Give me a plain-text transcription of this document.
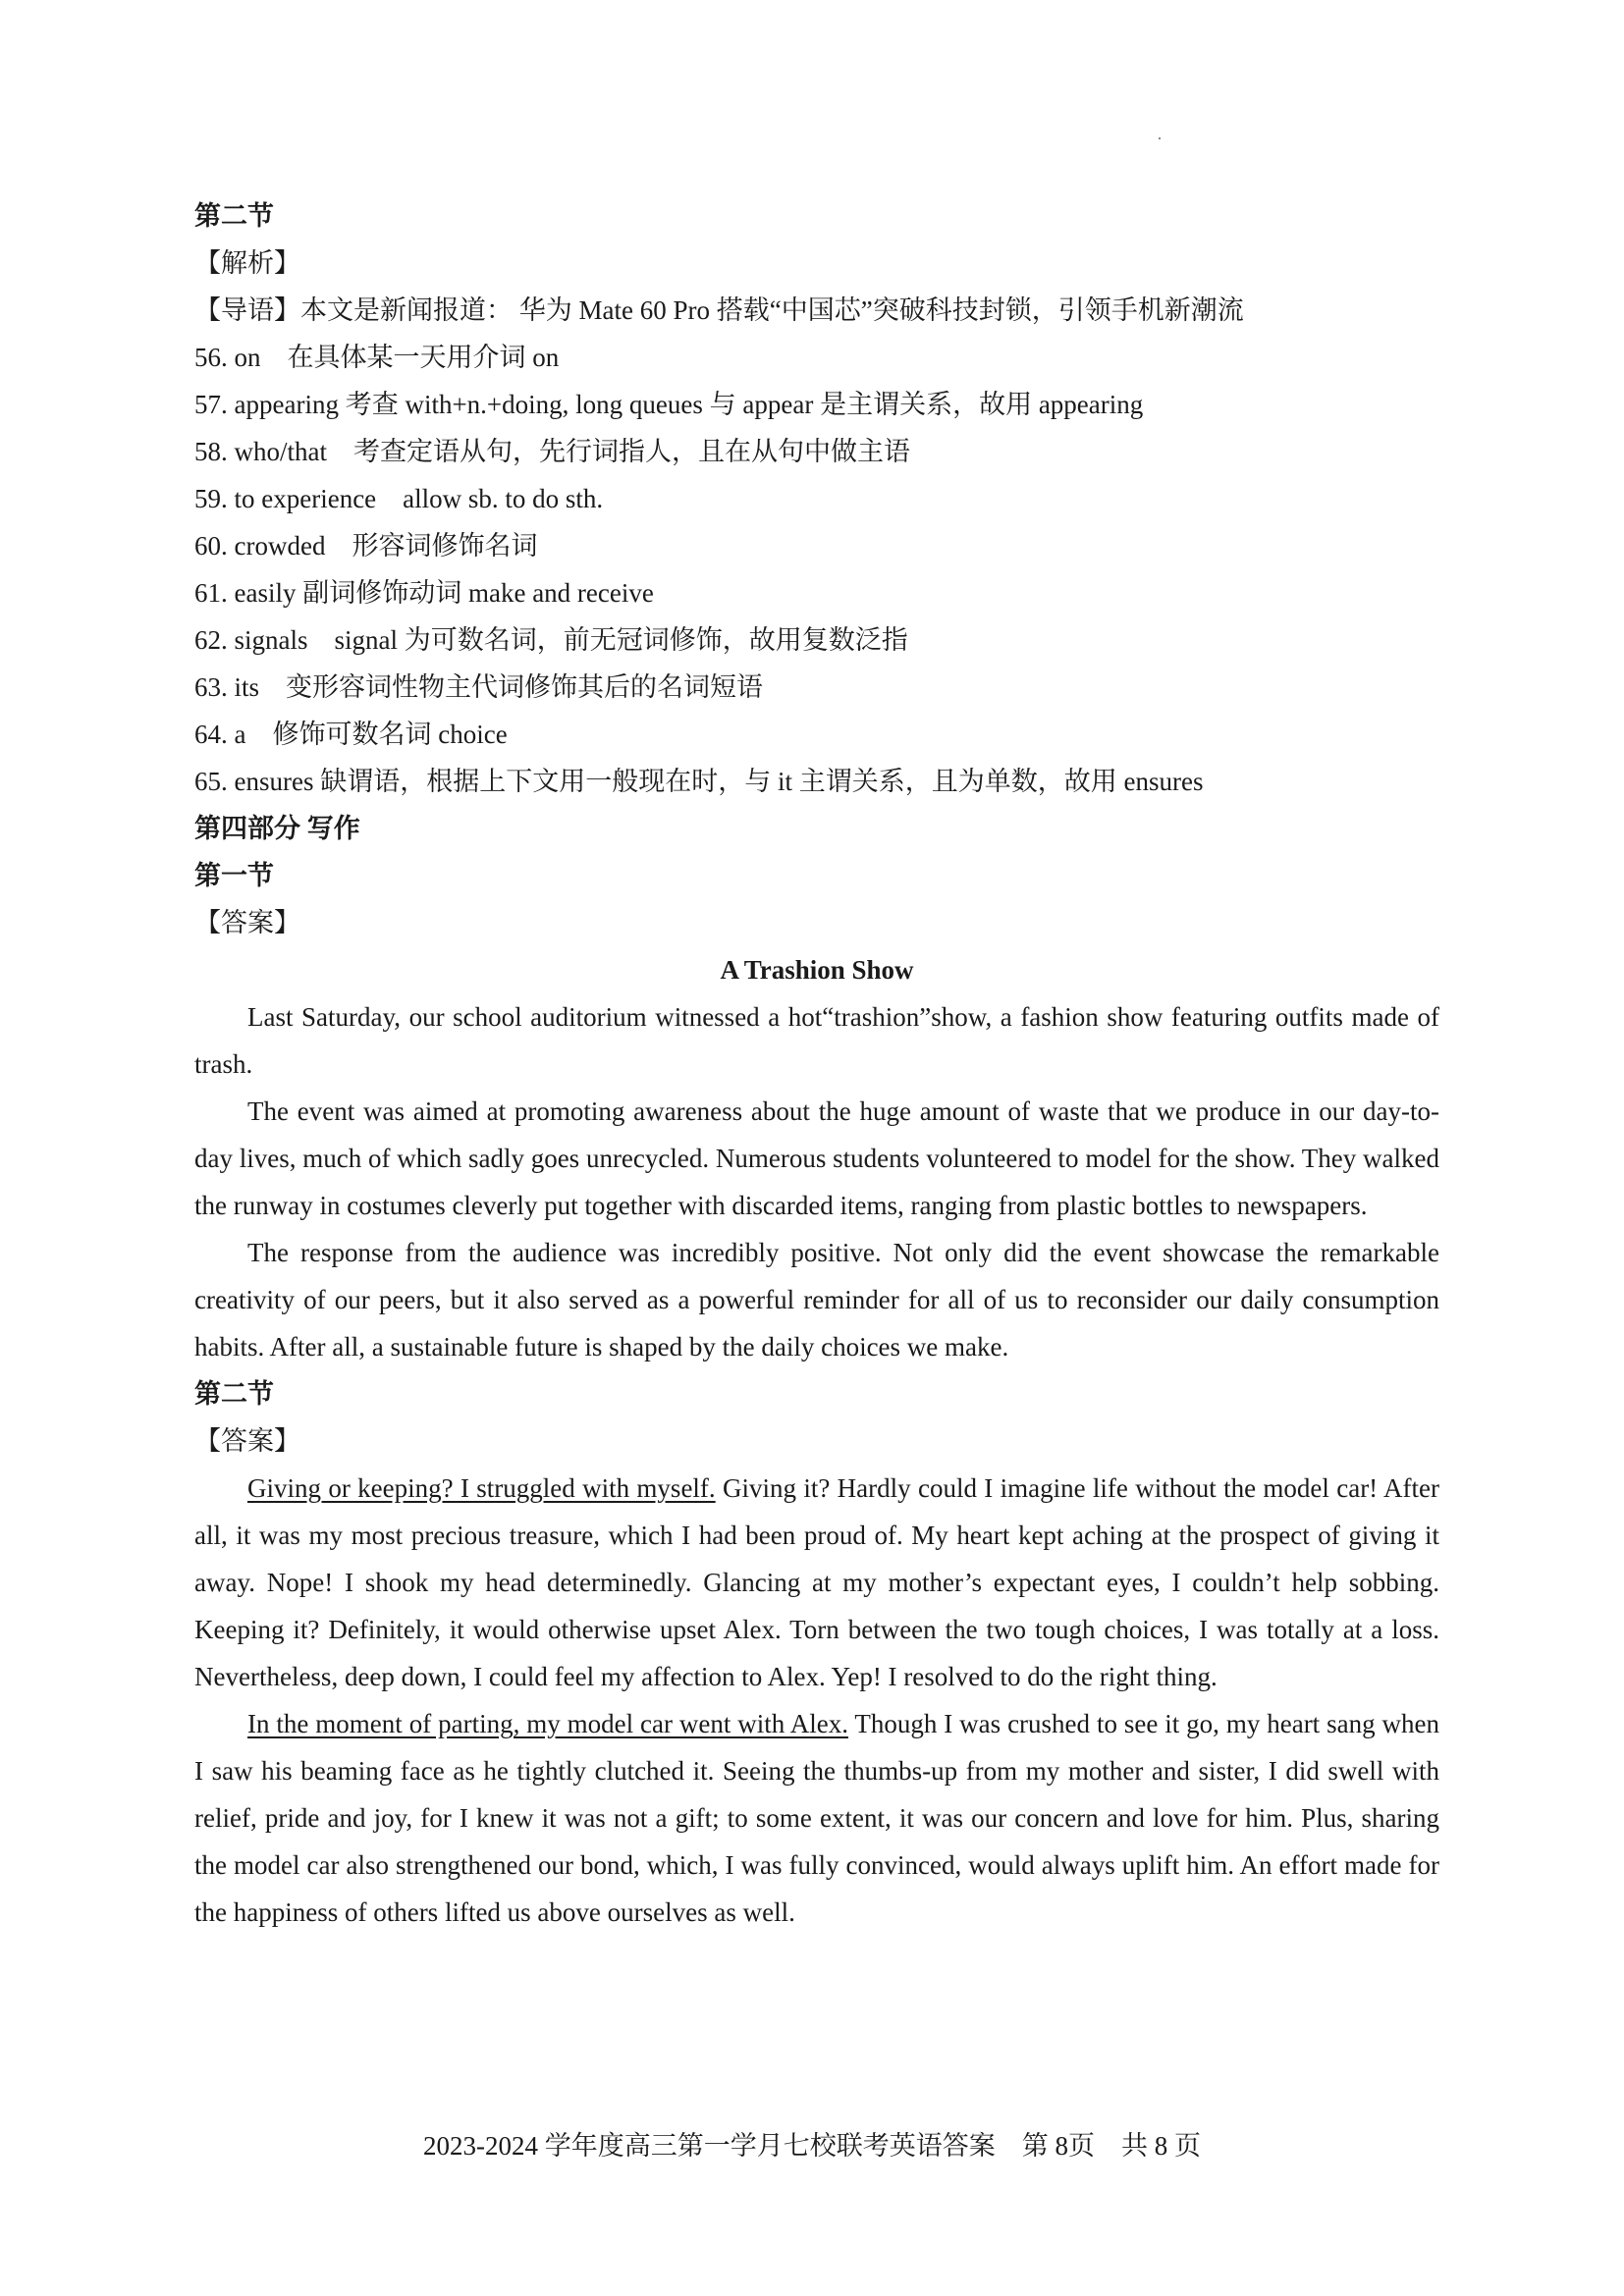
第二节
【解析】
【导语】本文是新闻报道： 华为 Mate 60 Pro 搭载“中国芯”突破科技封锁，引领手机新潮流
56. on　在具体某一天用介词 on
57. appearing 考查 with+n.+doing, long queues 与 appear 是主谓关系，故用 appearing
58. who/that　考查定语从句，先行词指人，且在从句中做主语
59. to experience　allow sb. to do sth.
60. crowded　形容词修饰名词
61. easily 副词修饰动词 make and receive
62. signals　signal 为可数名词，前无冠词修饰，故用复数泛指
63. its　变形容词性物主代词修饰其后的名词短语
64. a　修饰可数名词 choice
65. ensures 缺谓语，根据上下文用一般现在时，与 it 主谓关系，且为单数，故用 ensures
第四部分 写作
第一节
【答案】
A Trashion Show

Last Saturday, our school auditorium witnessed a hot“trashion”show, a fashion show featuring outfits made of trash.

The event was aimed at promoting awareness about the huge amount of waste that we produce in our day-to-day lives, much of which sadly goes unrecycled. Numerous students volunteered to model for the show. They walked the runway in costumes cleverly put together with discarded items, ranging from plastic bottles to newspapers.

The response from the audience was incredibly positive. Not only did the event showcase the remarkable creativity of our peers, but it also served as a powerful reminder for all of us to reconsider our daily consumption habits. After all, a sustainable future is shaped by the daily choices we make.

第二节
【答案】

Giving or keeping? I struggled with myself. Giving it? Hardly could I imagine life without the model car! After all, it was my most precious treasure, which I had been proud of. My heart kept aching at the prospect of giving it away. Nope! I shook my head determinedly. Glancing at my mother’s expectant eyes, I couldn’t help sobbing. Keeping it? Definitely, it would otherwise upset Alex. Torn between the two tough choices, I was totally at a loss. Nevertheless, deep down, I could feel my affection to Alex. Yep! I resolved to do the right thing.

In the moment of parting, my model car went with Alex. Though I was crushed to see it go, my heart sang when I saw his beaming face as he tightly clutched it. Seeing the thumbs-up from my mother and sister, I did swell with relief, pride and joy, for I knew it was not a gift; to some extent, it was our concern and love for him. Plus, sharing the model car also strengthened our bond, which, I was fully convinced, would always uplift him. An effort made for the happiness of others lifted us above ourselves as well.

2023-2024 学年度高三第一学月七校联考英语答案　第 8页　共 8 页
